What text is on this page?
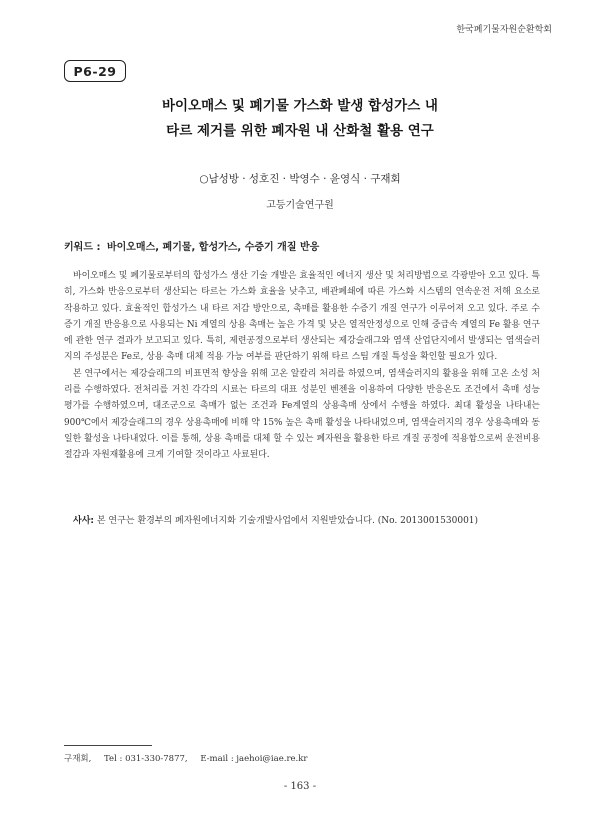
한국폐기물자원순환학회
P6-29
바이오매스 및 폐기물 가스화 발생 합성가스 내
타르 제거를 위한 폐자원 내 산화철 활용 연구
○남성방 · 성호진 · 박영수 · 윤영식 · 구재회
고등기술연구원
키워드 : 바이오매스, 폐기물, 합성가스, 수증기 개질 반응

바이오매스 및 폐기물로부터의 합성가스 생산 기술 개발은 효율적인 에너지 생산 및 처리방법으로 각광받아 오고 있다. 특히, 가스화 반응으로부터 생산되는 타르는 가스화 효율을 낮추고, 배관폐쇄에 따른 가스화 시스템의 연속운전 저해 요소로 작용하고 있다. 효율적인 합성가스 내 타르 저감 방안으로, 촉매를 활용한 수증기 개질 연구가 이루어져 오고 있다. 주로 수증기 개질 반응용으로 사용되는 Ni 계열의 상용 촉매는 높은 가격 및 낮은 열적안정성으로 인해 중급속 계열의 Fe 활용 연구에 관한 연구 결과가 보고되고 있다. 특히, 제련공정으로부터 생산되는 제강슬래그와 염색 산업단지에서 발생되는 염색슬러지의 주성분은 Fe로, 상용 촉매 대체 적용 가능 여부를 판단하기 위해 타르 스팀 개질 특성을 확인할 필요가 있다.

본 연구에서는 제강슬래그의 비표면적 향상을 위해 고온 알칼리 처리를 하였으며, 염색슬러지의 활용을 위해 고온 소성 처리를 수행하였다. 전처리를 거친 각각의 시료는 타르의 대표 성분인 벤젠을 이용하여 다양한 반응온도 조건에서 촉매 성능 평가를 수행하였으며, 대조군으로 촉매가 없는 조건과 Fe계열의 상용촉매 상에서 수행을 하였다. 최대 활성을 나타내는 900℃에서 제강슬래그의 경우 상용촉매에 비해 약 15% 높은 촉매 활성을 나타내었으며, 염색슬러지의 경우 상용촉매와 동일한 활성을 나타내었다. 이를 통해, 상용 촉매를 대체 할 수 있는 폐자원을 활용한 타르 개질 공정에 적용함으로써 운전비용 절감과 자원재활용에 크게 기여할 것이라고 사료된다.

사사: 본 연구는 환경부의 폐자원에너지화 기술개발사업에서 지원받았습니다. (No. 2013001530001)
구재회, Tel : 031-330-7877, E-mail : jaehoi@iae.re.kr
- 163 -
